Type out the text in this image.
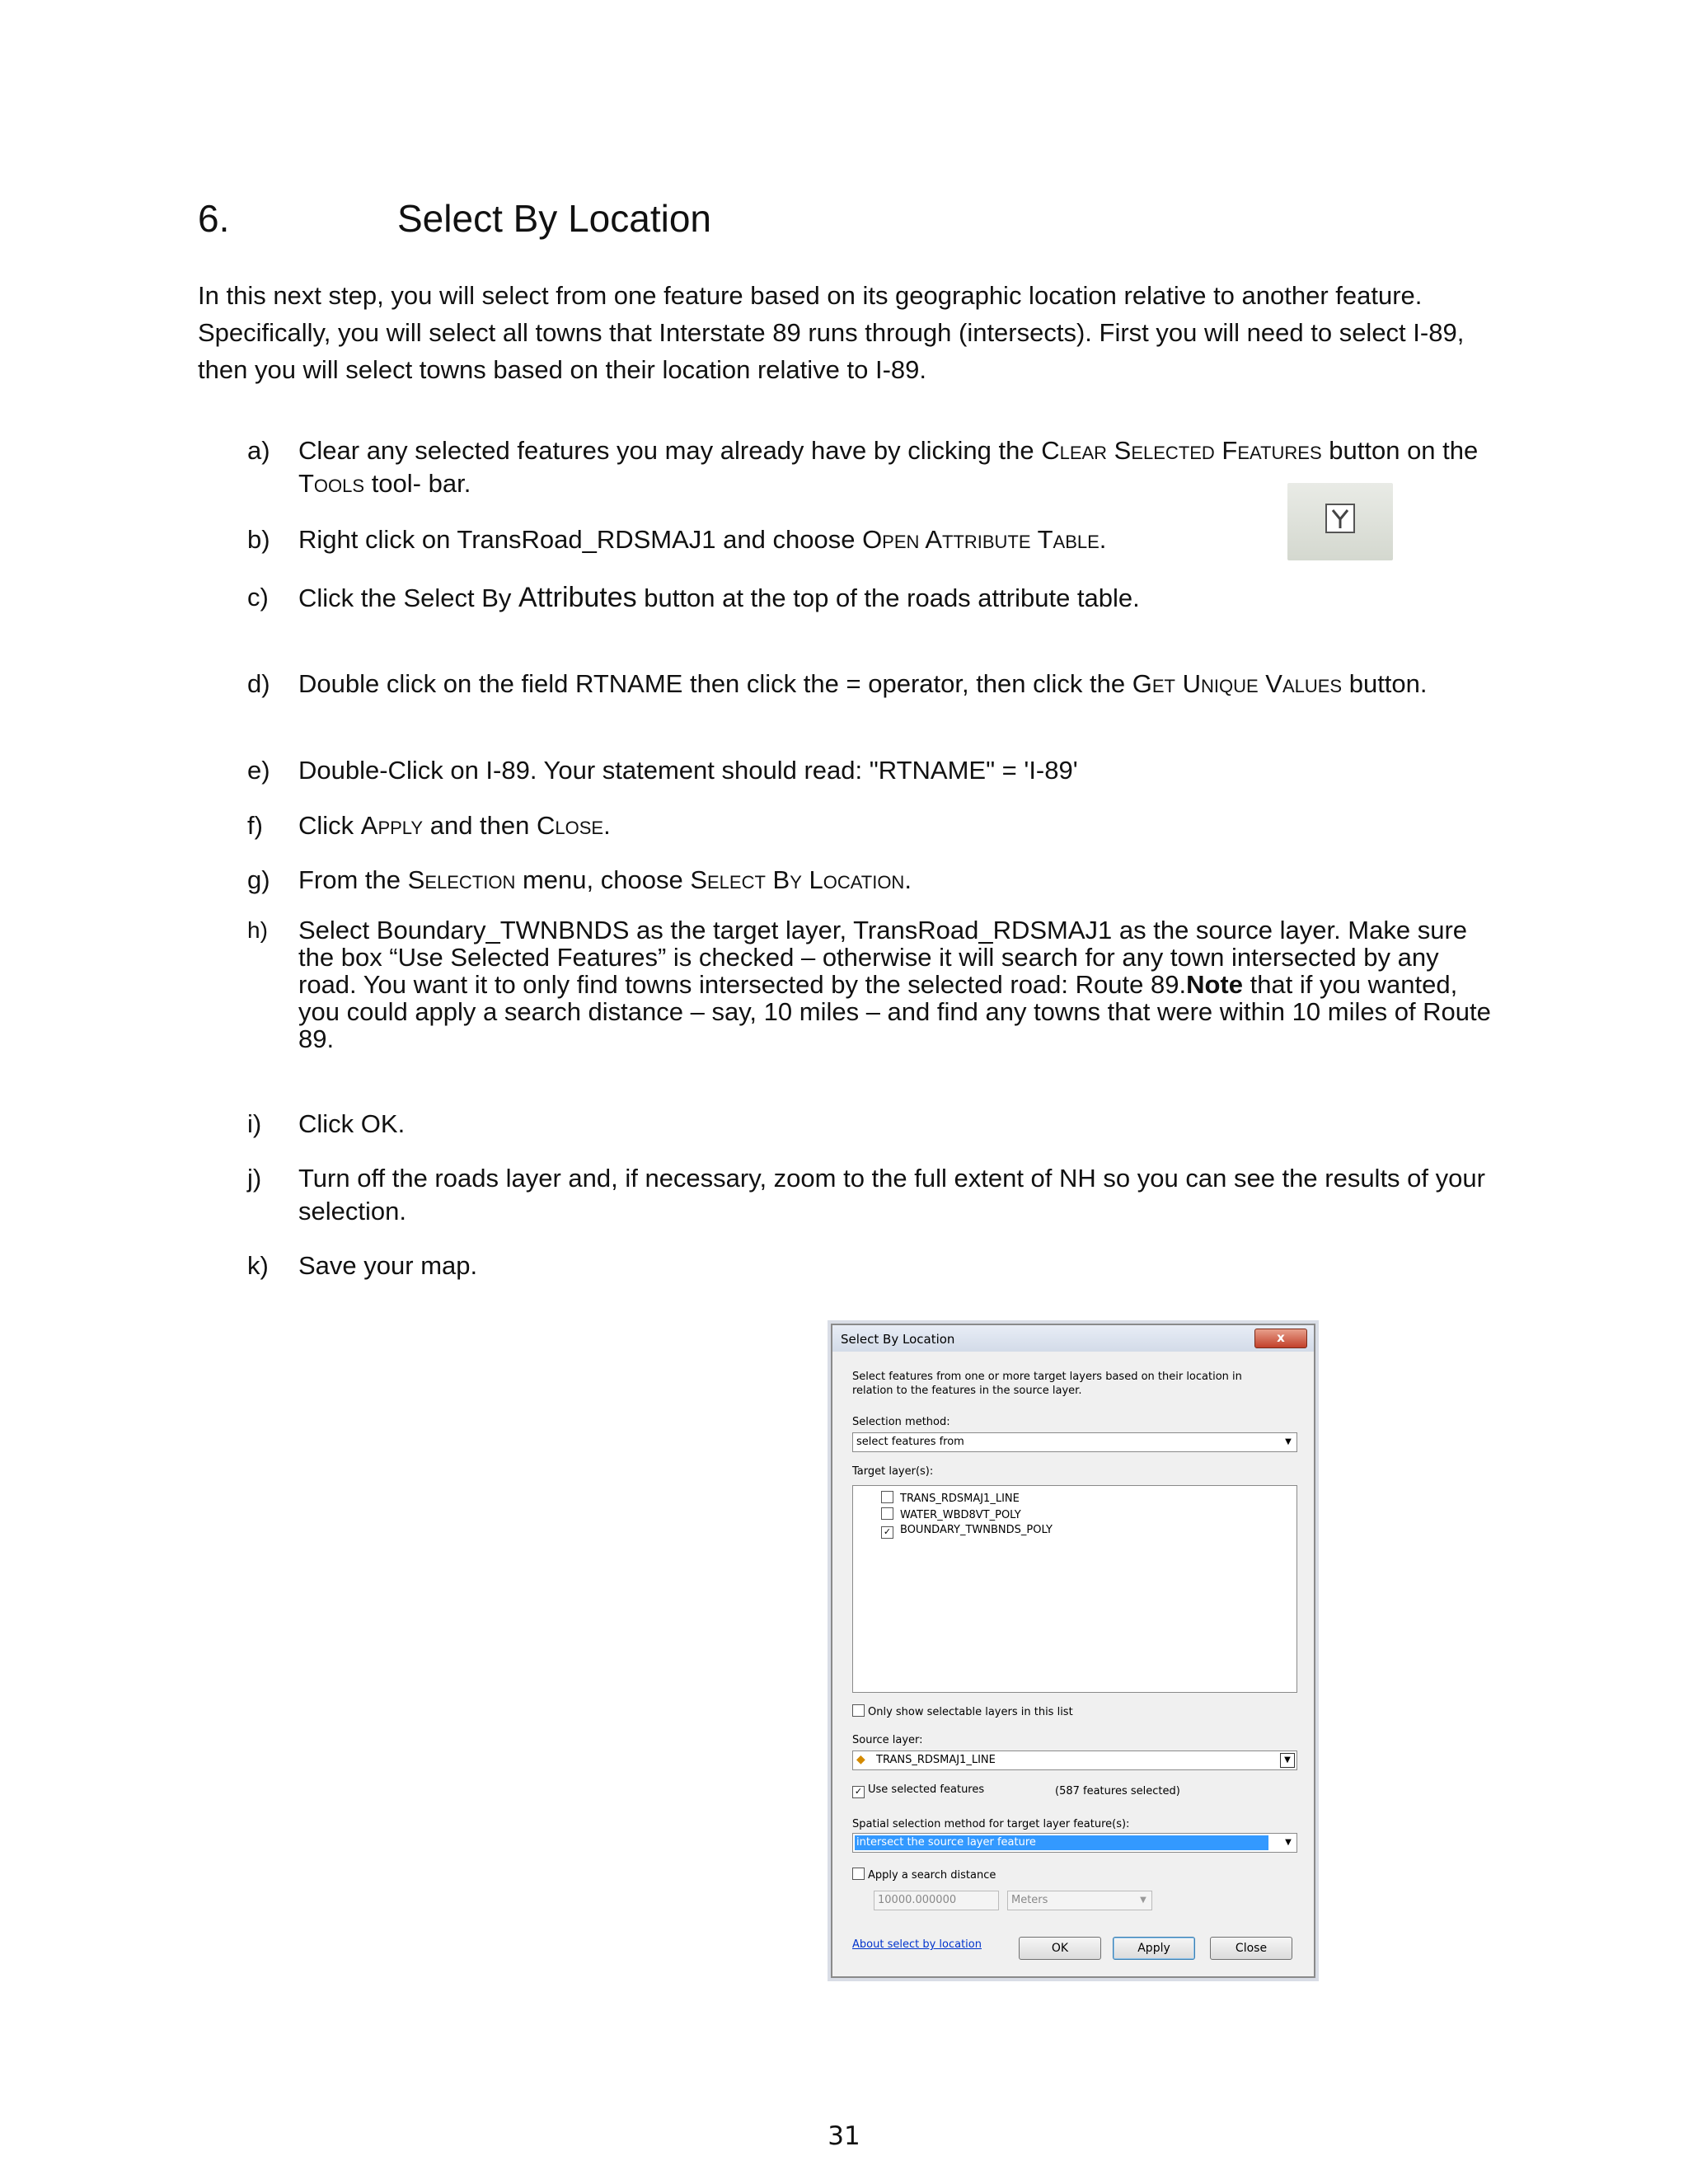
6.	Select By Location
In this next step, you will select from one feature based on its geographic location relative to another feature. Specifically, you will select all towns that Interstate 89 runs through (intersects). First you will need to select I-89, then you will select towns based on their location relative to I-89.
a) Clear any selected features you may already have by clicking the Clear Selected Features button on the Tools tool- bar.
b) Right click on TransRoad_RDSMAJ1 and choose Open Attribute Table.
c) Click the Select By Attributes button at the top of the roads attribute table.
d) Double click on the field RTNAME then click the = operator, then click the Get Unique Values button.
e) Double-Click on I-89. Your statement should read: "RTNAME" = 'I-89'
f) Click Apply and then Close.
g) From the Selection menu, choose Select By Location.
h) Select Boundary_TWNBNDS as the target layer, TransRoad_RDSMAJ1 as the source layer. Make sure the box “Use Selected Features” is checked – otherwise it will search for any town intersected by any road. You want it to only find towns intersected by the selected road: Route 89.Note that if you wanted, you could apply a search distance – say, 10 miles – and find any towns that were within 10 miles of Route 89.
i) Click OK.
j) Turn off the roads layer and, if necessary, zoom to the full extent of NH so you can see the results of your selection.
k) Save your map.
Select By Location	x
Select features from one or more target layers based on their location in relation to the features in the source layer.
Selection method:
select features from	▼
Target layer(s):
TRANS_RDSMAJ1_LINE
WATER_WBD8VT_POLY
✓ BOUNDARY_TWNBNDS_POLY
Only show selectable layers in this list
Source layer:
◆ TRANS_RDSMAJ1_LINE	▼
✓ Use selected features	(587 features selected)
Spatial selection method for target layer feature(s):
intersect the source layer feature	▼
Apply a search distance
10000.000000	Meters	▼
About select by location	OK	Apply	Close
31
